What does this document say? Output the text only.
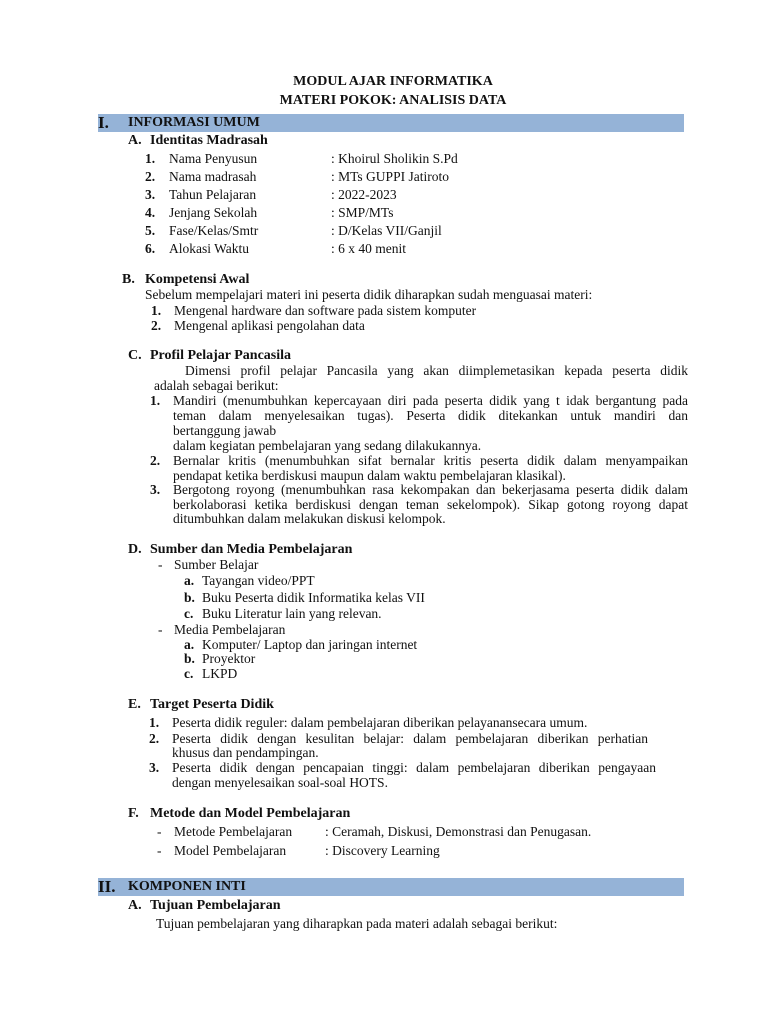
MODUL AJAR INFORMATIKA
MATERI POKOK: ANALISIS DATA
I. INFORMASI UMUM
A. Identitas Madrasah
1. Nama Penyusun	: Khoirul Sholikin S.Pd
2. Nama madrasah	: MTs GUPPI Jatiroto
3. Tahun Pelajaran	: 2022-2023
4. Jenjang Sekolah	: SMP/MTs
5. Fase/Kelas/Smtr	: D/Kelas VII/Ganjil
6. Alokasi Waktu	: 6 x 40 menit
B. Kompetensi Awal
Sebelum mempelajari materi ini peserta didik diharapkan sudah menguasai materi:
1. Mengenal hardware dan software pada sistem komputer
2. Mengenal aplikasi pengolahan data
C. Profil Pelajar Pancasila
Dimensi profil pelajar Pancasila yang akan diimplemetasikan kepada peserta didik
adalah sebagai berikut:
1. Mandiri (menumbuhkan kepercayaan diri pada peserta didik yang t idak bergantung pada
teman dalam menyelesaikan tugas). Peserta didik ditekankan untuk mandiri dan
bertanggung jawab
dalam kegiatan pembelajaran yang sedang dilakukannya.
2. Bernalar kritis (menumbuhkan sifat bernalar kritis peserta didik dalam menyampaikan
pendapat ketika berdiskusi maupun dalam waktu pembelajaran klasikal).
3. Bergotong royong (menumbuhkan rasa kekompakan dan bekerjasama peserta didik dalam
berkolaborasi ketika berdiskusi dengan teman sekelompok). Sikap gotong royong dapat
ditumbuhkan dalam melakukan diskusi kelompok.
D. Sumber dan Media Pembelajaran
- Sumber Belajar
a. Tayangan video/PPT
b. Buku Peserta didik Informatika kelas VII
c. Buku Literatur lain yang relevan.
- Media Pembelajaran
a. Komputer/ Laptop dan jaringan internet
b. Proyektor
c. LKPD
E. Target Peserta Didik
1. Peserta didik reguler: dalam pembelajaran diberikan pelayanansecara umum.
2. Peserta didik dengan kesulitan belajar: dalam pembelajaran diberikan perhatian
khusus dan pendampingan.
3. Peserta didik dengan pencapaian tinggi: dalam pembelajaran diberikan pengayaan
dengan menyelesaikan soal-soal HOTS.
F. Metode dan Model Pembelajaran
- Metode Pembelajaran : Ceramah, Diskusi, Demonstrasi dan Penugasan.
- Model Pembelajaran	: Discovery Learning
II. KOMPONEN INTI
A. Tujuan Pembelajaran
Tujuan pembelajaran yang diharapkan pada materi adalah sebagai berikut:
